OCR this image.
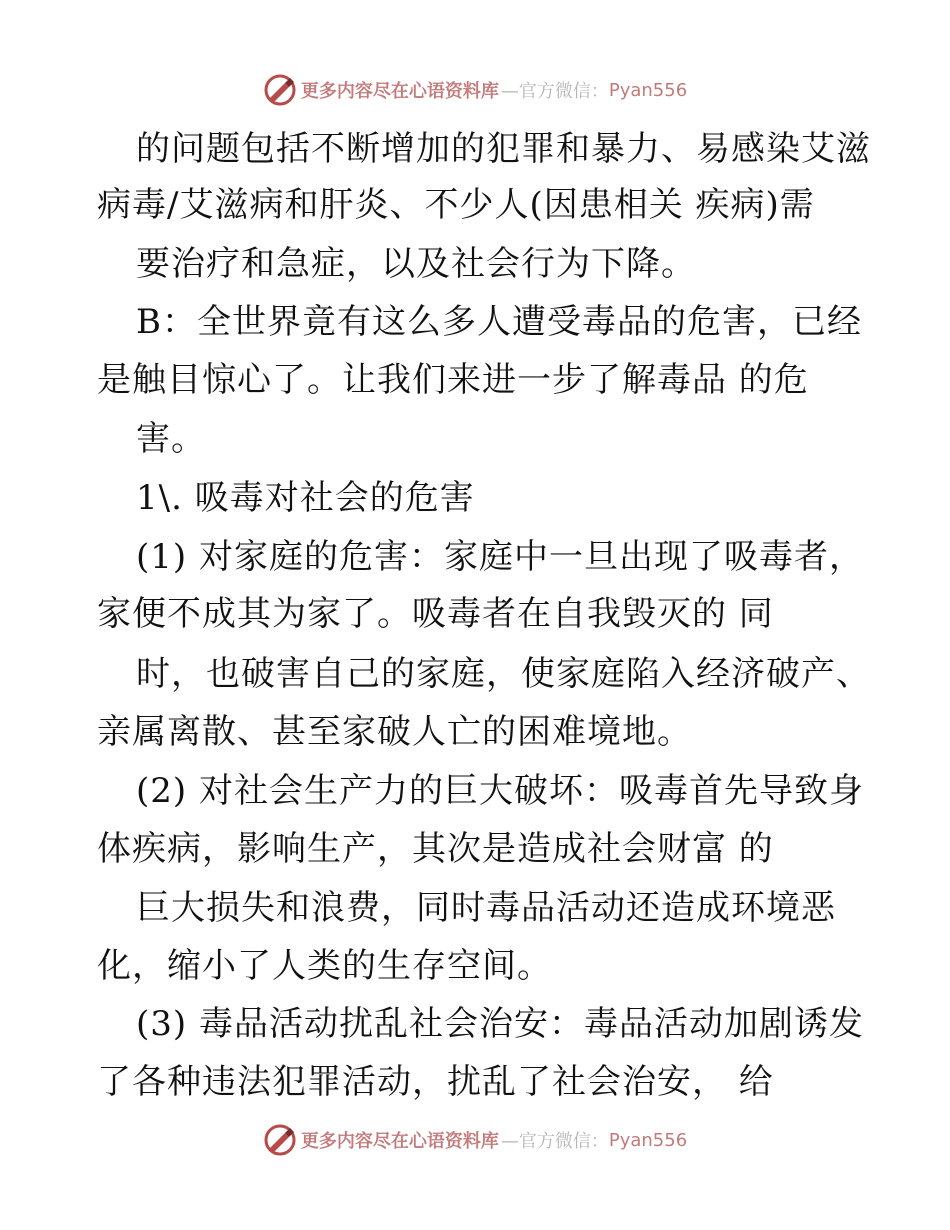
更多内容尽在心语资料库 —官方微信： Pyan556
的问题包括不断增加的犯罪和暴力、易感染艾滋
病毒/艾滋病和肝炎、不少人(因患相关 疾病)需
要治疗和急症，以及社会行为下降。
B：全世界竟有这么多人遭受毒品的危害，已经
是触目惊心了。让我们来进一步了解毒品 的危
害。
1\. 吸毒对社会的危害
(1) 对家庭的危害：家庭中一旦出现了吸毒者，
家便不成其为家了。吸毒者在自我毁灭的 同
时，也破害自己的家庭，使家庭陷入经济破产、
亲属离散、甚至家破人亡的困难境地。
(2) 对社会生产力的巨大破坏：吸毒首先导致身
体疾病，影响生产，其次是造成社会财富 的
巨大损失和浪费，同时毒品活动还造成环境恶
化，缩小了人类的生存空间。
(3) 毒品活动扰乱社会治安：毒品活动加剧诱发
了各种违法犯罪活动，扰乱了社会治安， 给
更多内容尽在心语资料库 —官方微信： Pyan556
